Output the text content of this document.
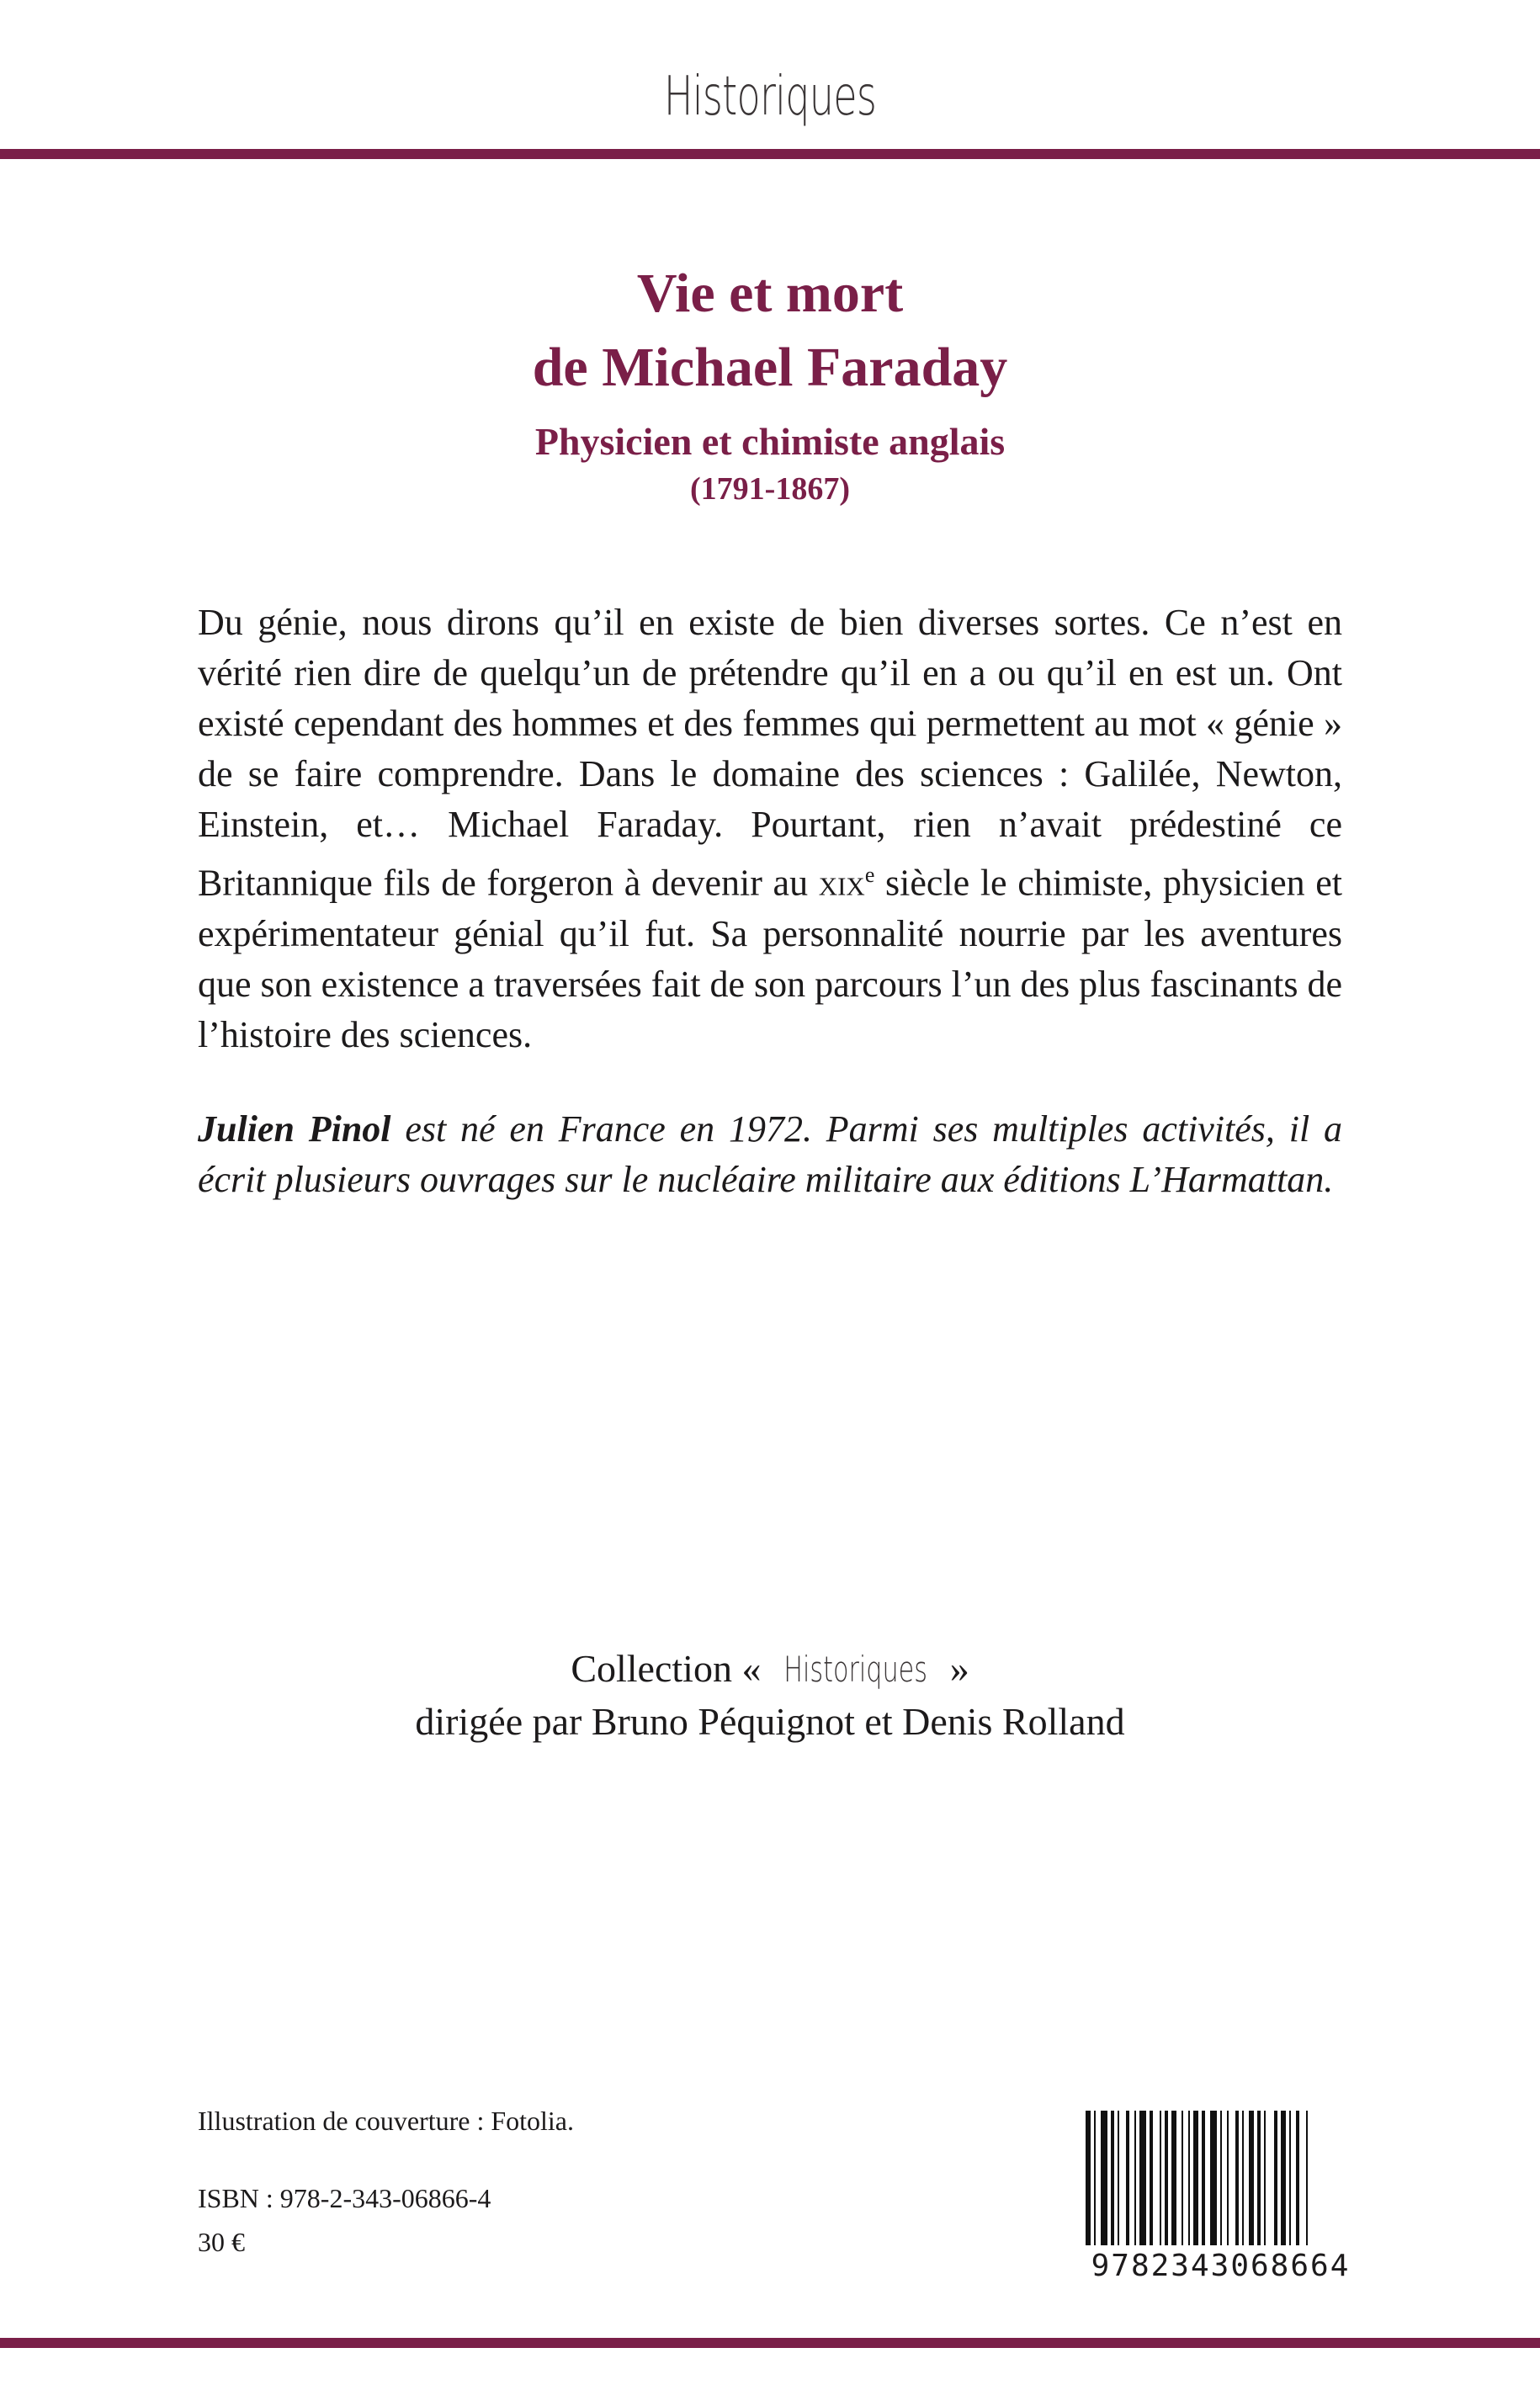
Historiques
Vie et mort
de Michael Faraday
Physicien et chimiste anglais
(1791-1867)

Du génie, nous dirons qu’il en existe de bien diverses sortes. Ce n’est en vérité rien dire de quelqu’un de prétendre qu’il en a ou qu’il en est un. Ont existé cependant des hommes et des femmes qui permettent au mot « génie » de se faire comprendre. Dans le domaine des sciences : Galilée, Newton, Einstein, et… Michael Faraday. Pourtant, rien n’avait prédestiné ce Britannique fils de forgeron à devenir au xix$^e$ siècle le chimiste, physicien et expérimentateur génial qu’il fut. Sa personnalité nourrie par les aventures que son existence a traversées fait de son parcours l’un des plus fascinants de l’histoire des sciences.

Julien Pinol est né en France en 1972. Parmi ses multiples activités, il a écrit plusieurs ouvrages sur le nucléaire militaire aux éditions L’Harmattan.

Collection « Historiques »
dirigée par Bruno Péquignot et Denis Rolland
Illustration de couverture : Fotolia.
ISBN : 978-2-343-06866-4
30 €
9782343068664
